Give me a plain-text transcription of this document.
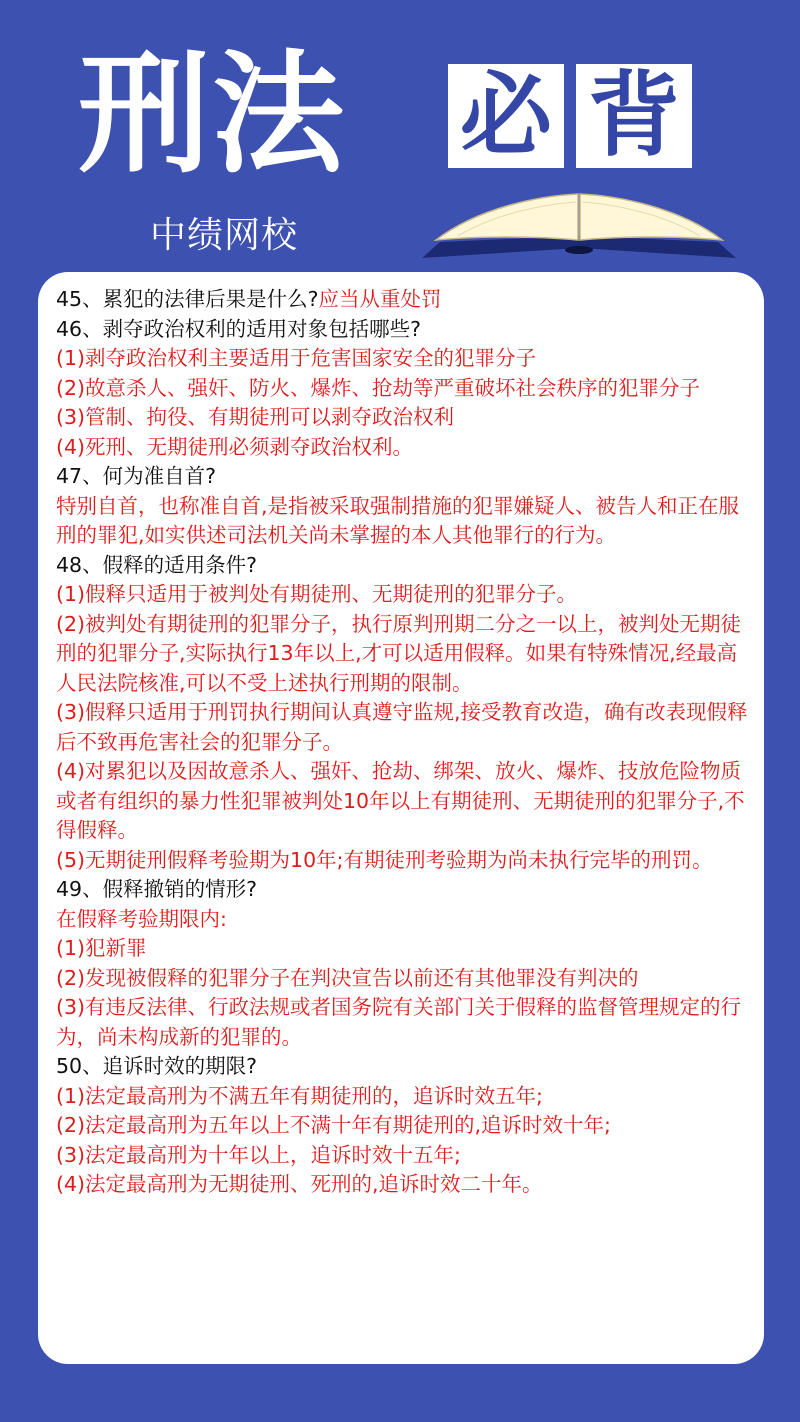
刑法 必 背
中绩网校
45、累犯的法律后果是什么?应当从重处罚
46、剥夺政治权利的适用对象包括哪些?
(1)剥夺政治权利主要适用于危害国家安全的犯罪分子
(2)故意杀人、强奸、防火、爆炸、抢劫等严重破坏社会秩序的犯罪分子
(3)管制、拘役、有期徒刑可以剥夺政治权利
(4)死刑、无期徒刑必须剥夺政治权利。
47、何为准自首?
特别自首，也称准自首,是指被采取强制措施的犯罪嫌疑人、被告人和正在服刑的罪犯,如实供述司法机关尚未掌握的本人其他罪行的行为。
48、假释的适用条件?
(1)假释只适用于被判处有期徒刑、无期徒刑的犯罪分子。
(2)被判处有期徒刑的犯罪分子，执行原判刑期二分之一以上，被判处无期徒刑的犯罪分子,实际执行13年以上,才可以适用假释。如果有特殊情况,经最高人民法院核准,可以不受上述执行刑期的限制。
(3)假释只适用于刑罚执行期间认真遵守监规,接受教育改造，确有改表现假释后不致再危害社会的犯罪分子。
(4)对累犯以及因故意杀人、强奸、抢劫、绑架、放火、爆炸、技放危险物质或者有组织的暴力性犯罪被判处10年以上有期徒刑、无期徒刑的犯罪分子,不得假释。
(5)无期徒刑假释考验期为10年;有期徒刑考验期为尚未执行完毕的刑罚。
49、假释撤销的情形?
在假释考验期限内:
(1)犯新罪
(2)发现被假释的犯罪分子在判决宣告以前还有其他罪没有判决的
(3)有违反法律、行政法规或者国务院有关部门关于假释的监督管理规定的行为，尚未构成新的犯罪的。
50、追诉时效的期限?
(1)法定最高刑为不满五年有期徒刑的，追诉时效五年;
(2)法定最高刑为五年以上不满十年有期徒刑的,追诉时效十年;
(3)法定最高刑为十年以上，追诉时效十五年;
(4)法定最高刑为无期徒刑、死刑的,追诉时效二十年。
